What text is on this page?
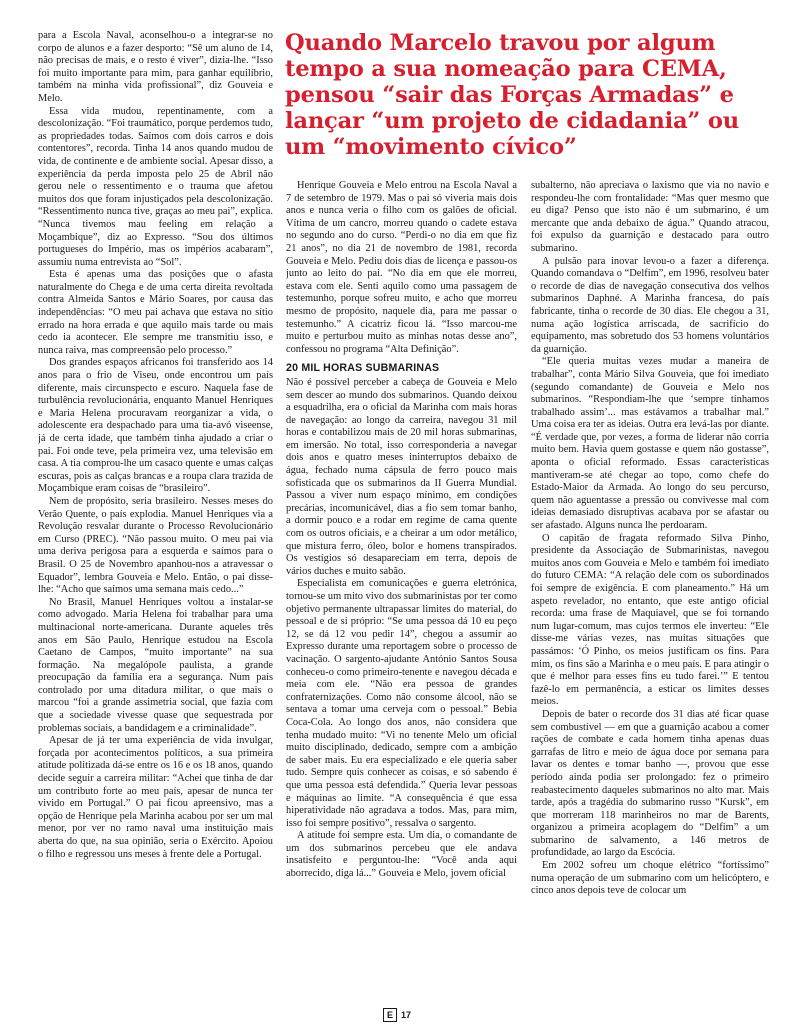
para a Escola Naval, aconselhou-o a integrar-se no corpo de alunos e a fazer desporto: “Sê um aluno de 14, não precisas de mais, e o resto é viver”, dizia-lhe. “Isso foi muito importante para mim, para ganhar equilíbrio, também na minha vida profissional”, diz Gouveia e Melo.

Essa vida mudou, repentinamente, com a descolonização. “Foi traumático, porque perdemos tudo, as propriedades todas. Saímos com dois carros e dois contentores”, recorda. Tinha 14 anos quando mudou de vida, de continente e de ambiente social. Apesar disso, a experiência da perda imposta pelo 25 de Abril não gerou nele o ressentimento e o trauma que afetou muitos dos que foram injustiçados pela descolonização. “Ressentimento nunca tive, graças ao meu pai”, explica. “Nunca tivemos mau feeling em relação a Moçambique”, diz ao Expresso. “Sou dos últimos portugueses do Império, mas os impérios acabaram”, assumiu numa entrevista ao “Sol”.

Esta é apenas uma das posições que o afasta naturalmente do Chega e de uma certa direita revoltada contra Almeida Santos e Mário Soares, por causa das independências: “O meu pai achava que estava no sítio errado na hora errada e que aquilo mais tarde ou mais cedo ia acontecer. Ele sempre me transmitiu isso, e nunca raiva, mas compreensão pelo processo.”

Dos grandes espaços africanos foi transferido aos 14 anos para o frio de Viseu, onde encontrou um país diferente, mais circunspecto e escuro. Naquela fase de turbulência revolucionária, enquanto Manuel Henriques e Maria Helena procuravam reorganizar a vida, o adolescente era despachado para uma tia-avó viseense, já de certa idade, que também tinha ajudado a criar o pai. Foi onde teve, pela primeira vez, uma televisão em casa. A tia comprou-lhe um casaco quente e umas calças escuras, pois as calças brancas e a roupa clara trazida de Moçambique eram coisas de “brasileiro”.

Nem de propósito, seria brasileiro. Nesses meses do Verão Quente, o país explodia. Manuel Henriques via a Revolução resvalar durante o Processo Revolucionário em Curso (PREC). “Não passou muito. O meu pai via uma deriva perigosa para a esquerda e saímos para o Brasil. O 25 de Novembro apanhou-nos a atravessar o Equador”, lembra Gouveia e Melo. Então, o pai disse-lhe: “Acho que saímos uma semana mais cedo...”

No Brasil, Manuel Henriques voltou a instalar-se como advogado. Maria Helena foi trabalhar para uma multinacional norte-americana. Durante aqueles três anos em São Paulo, Henrique estudou na Escola Caetano de Campos, “muito importante” na sua formação. Na megalópole paulista, a grande preocupação da família era a segurança. Num país controlado por uma ditadura militar, o que mais o marcou “foi a grande assimetria social, que fazia com que a sociedade vivesse quase que sequestrada por problemas sociais, a bandidagem e a criminalidade”.

Apesar de já ter uma experiência de vida invulgar, forçada por acontecimentos políticos, a sua primeira atitude politizada dá-se entre os 16 e os 18 anos, quando decide seguir a carreira militar: “Achei que tinha de dar um contributo forte ao meu país, apesar de nunca ter vivido em Portugal.” O pai ficou apreensivo, mas a opção de Henrique pela Marinha acabou por ser um mal menor, por ver no ramo naval uma instituição mais aberta do que, na sua opinião, seria o Exército. Apoiou o filho e regressou uns meses à frente dele a Portugal.

Quando Marcelo travou por algum tempo a sua nomeação para CEMA, pensou “sair das Forças Armadas” e lançar “um projeto de cidadania” ou um “movimento cívico”

Henrique Gouveia e Melo entrou na Escola Naval a 7 de setembro de 1979. Mas o pai só viveria mais dois anos e nunca veria o filho com os galões de oficial. Vítima de um cancro, morreu quando o cadete estava no segundo ano do curso. “Perdi-o no dia em que fiz 21 anos”, no dia 21 de novembro de 1981, recorda Gouveia e Melo. Pediu dois dias de licença e passou-os junto ao leito do pai. “No dia em que ele morreu, estava com ele. Senti aquilo como uma passagem de testemunho, porque sofreu muito, e acho que morreu mesmo de propósito, naquele dia, para me passar o testemunho.” A cicatriz ficou lá. “Isso marcou-me muito e perturbou muito as minhas notas desse ano”, confessou no programa “Alta Definição”.

20 MIL HORAS SUBMARINAS

Não é possível perceber a cabeça de Gouveia e Melo sem descer ao mundo dos submarinos. Quando deixou a esquadrilha, era o oficial da Marinha com mais horas de navegação: ao longo da carreira, navegou 31 mil horas e contabilizou mais de 20 mil horas submarinas, em imersão. No total, isso corresponderia a navegar dois anos e quatro meses ininterruptos debaixo de água, fechado numa cápsula de ferro pouco mais sofisticada que os submarinos da II Guerra Mundial. Passou a viver num espaço mínimo, em condições precárias, incomunicável, dias a fio sem tomar banho, a dormir pouco e a rodar em regime de cama quente com os outros oficiais, e a cheirar a um odor metálico, que mistura ferro, óleo, bolor e homens transpirados. Os vestígios só desapareciam em terra, depois de vários duches e muito sabão.

Especialista em comunicações e guerra eletrónica, tornou-se um mito vivo dos submarinistas por ter como objetivo permanente ultrapassar limites do material, do pessoal e de si próprio: “Se uma pessoa dá 10 eu peço 12, se dá 12 vou pedir 14”, chegou a assumir ao Expresso durante uma reportagem sobre o processo de vacinação. O sargento-ajudante António Santos Sousa conheceu-o como primeiro-tenente e navegou década e meia com ele. “Não era pessoa de grandes confraternizações. Como não consome álcool, não se sentava a tomar uma cerveja com o pessoal.” Bebia Coca-Cola. Ao longo dos anos, não considera que tenha mudado muito: “Vi no tenente Melo um oficial muito disciplinado, dedicado, sempre com a ambição de saber mais. Eu era especializado e ele queria saber tudo. Sempre quis conhecer as coisas, e só sabendo é que uma pessoa está defendida.” Queria levar pessoas e máquinas ao limite. “A consequência é que essa hiperatividade não agradava a todos. Mas, para mim, isso foi sempre positivo”, ressalva o sargento.

A atitude foi sempre esta. Um dia, o comandante de um dos submarinos percebeu que ele andava insatisfeito e perguntou-lhe: “Você anda aqui aborrecido, diga lá...” Gouveia e Melo, jovem oficial

subalterno, não apreciava o laxismo que via no navio e respondeu-lhe com frontalidade: “Mas quer mesmo que eu diga? Penso que isto não é um submarino, é um mercante que anda debaixo de água.” Quando atracou, foi expulso da guarnição e destacado para outro submarino.

A pulsão para inovar levou-o a fazer a diferença. Quando comandava o “Delfim”, em 1996, resolveu bater o recorde de dias de navegação consecutiva dos velhos submarinos Daphné. A Marinha francesa, do país fabricante, tinha o recorde de 30 dias. Ele chegou a 31, numa ação logística arriscada, de sacrifício do equipamento, mas sobretudo dos 53 homens voluntários da guarnição.

“Ele queria muitas vezes mudar a maneira de trabalhar”, conta Mário Silva Gouveia, que foi imediato (segundo comandante) de Gouveia e Melo nos submarinos. “Respondiam-lhe que ‘sempre tínhamos trabalhado assim’... mas estávamos a trabalhar mal.” Uma coisa era ter as ideias. Outra era levá-las por diante. “É verdade que, por vezes, a forma de liderar não corria muito bem. Havia quem gostasse e quem não gostasse”, aponta o oficial reformado. Essas características mantiveram-se até chegar ao topo, como chefe do Estado-Maior da Armada. Ao longo do seu percurso, quem não aguentasse a pressão ou convivesse mal com ideias demasiado disruptivas acabava por se afastar ou ser afastado. Alguns nunca lhe perdoaram.

O capitão de fragata reformado Silva Pinho, presidente da Associação de Submarinistas, navegou muitos anos com Gouveia e Melo e também foi imediato do futuro CEMA: “A relação dele com os subordinados foi sempre de exigência. E com planeamento.” Há um aspeto revelador, no entanto, que este antigo oficial recorda: uma frase de Maquiavel, que se foi tornando num lugar-comum, mas cujos termos ele inverteu: “Ele disse-me várias vezes, nas muitas situações que passámos: ‘Ó Pinho, os meios justificam os fins. Para mim, os fins são a Marinha e o meu país. E para atingir o que é melhor para esses fins eu tudo farei.’” E tentou fazê-lo em permanência, a esticar os limites desses meios.

Depois de bater o recorde dos 31 dias até ficar quase sem combustível — em que a guarnição acabou a comer rações de combate e cada homem tinha apenas duas garrafas de litro e meio de água doce por semana para lavar os dentes e tomar banho —, provou que esse período ainda podia ser prolongado: fez o primeiro reabastecimento daqueles submarinos no alto mar. Mais tarde, após a tragédia do submarino russo “Kursk”, em que morreram 118 marinheiros no mar de Barents, organizou a primeira acoplagem do “Delfim” a um submarino de salvamento, a 146 metros de profundidade, ao largo da Escócia.

Em 2002 sofreu um choque elétrico “fortíssimo” numa operação de um submarino com um helicóptero, e cinco anos depois teve de colocar um

E 17
